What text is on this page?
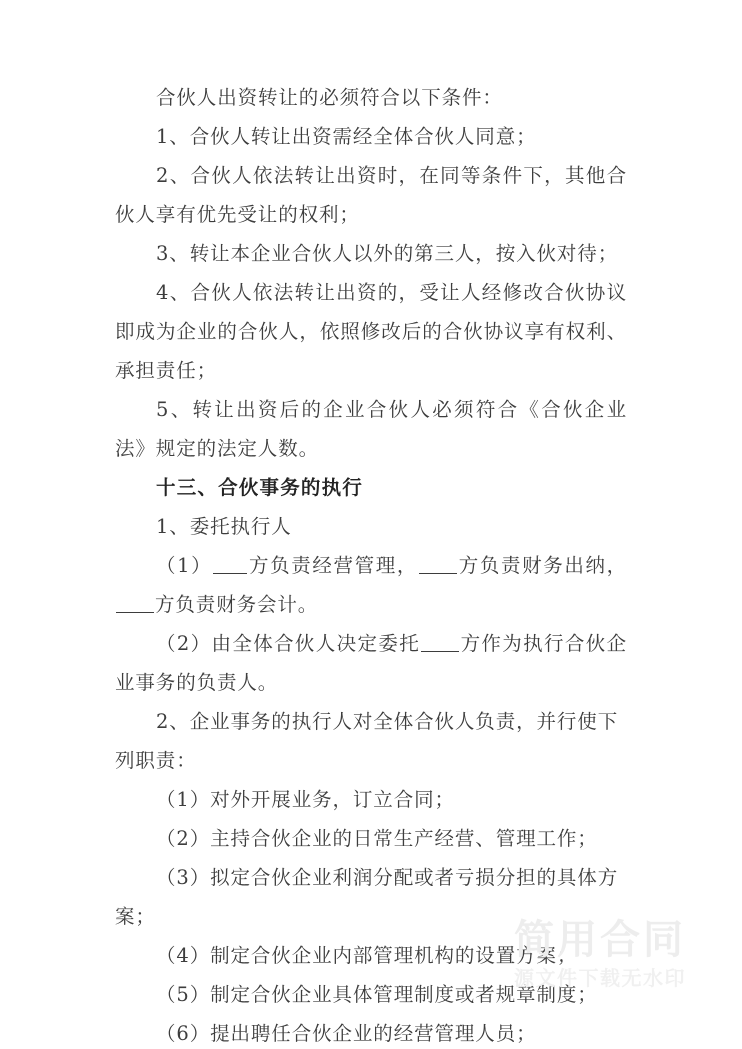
合伙人出资转让的必须符合以下条件：

1、合伙人转让出资需经全体合伙人同意；

2、合伙人依法转让出资时，在同等条件下，其他合伙人享有优先受让的权利；

3、转让本企业合伙人以外的第三人，按入伙对待；

4、合伙人依法转让出资的，受让人经修改合伙协议即成为企业的合伙人，依照修改后的合伙协议享有权利、承担责任；

5、转让出资后的企业合伙人必须符合《合伙企业法》规定的法定人数。

十三、合伙事务的执行

1、委托执行人

（1） 方负责经营管理， 方负责财务出纳，方负责财务会计。

（2）由全体合伙人决定委托 方作为执行合伙企业事务的负责人。

2、企业事务的执行人对全体合伙人负责，并行使下列职责：

（1）对外开展业务，订立合同；

（2）主持合伙企业的日常生产经营、管理工作；

（3）拟定合伙企业利润分配或者亏损分担的具体方案；

（4）制定合伙企业内部管理机构的设置方案；

（5）制定合伙企业具体管理制度或者规章制度；

（6）提出聘任合伙企业的经营管理人员；

简用合同
源文件下载无水印
